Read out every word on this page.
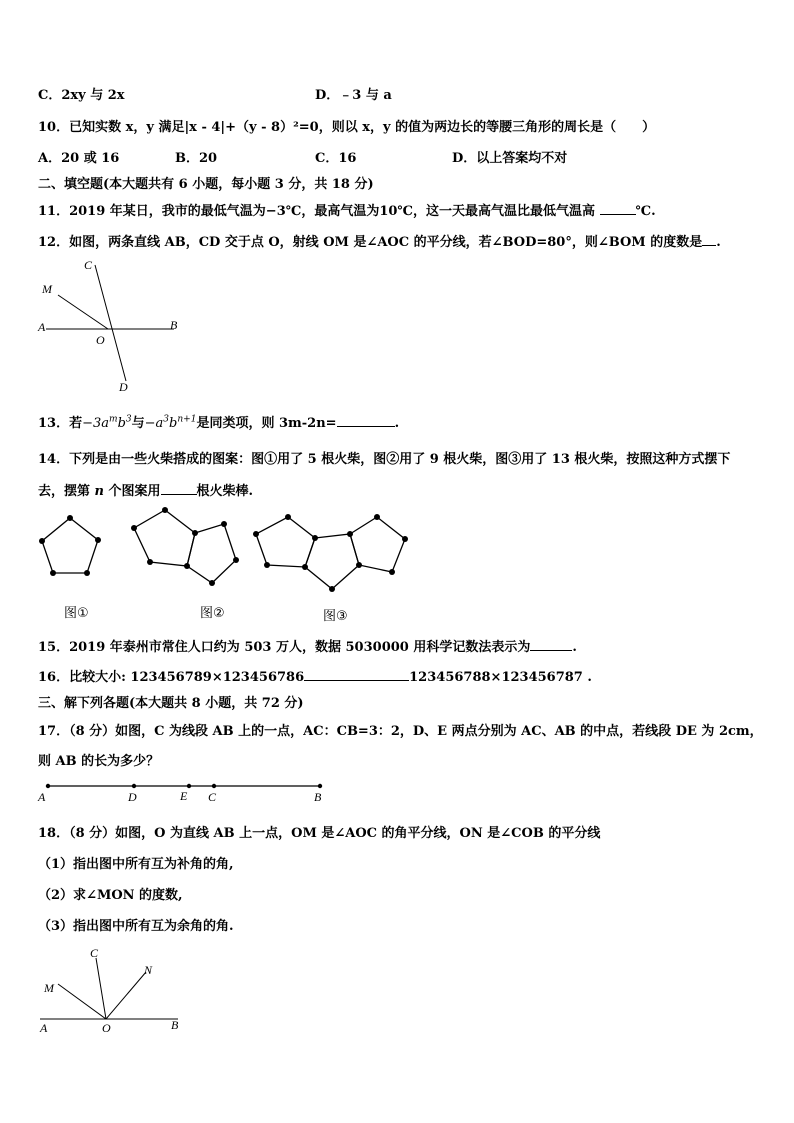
C．2xy 与 2x	D．﹣3 与 a
10．已知实数 x，y 满足|x - 4|+（y - 8）²=0，则以 x，y 的值为两边长的等腰三角形的周长是（　　）
A．20 或 16	B．20	C．16	D．以上答案均不对
二、填空题(本大题共有 6 小题，每小题 3 分，共 18 分)
11．2019 年某日，我市的最低气温为−3℃，最高气温为10℃，这一天最高气温比最低气温高	℃.
12．如图，两条直线 AB，CD 交于点 O，射线 OM 是∠AOC 的平分线，若∠BOD=80°，则∠BOM 的度数是 .
C
M
A	B
O
D
13．若$-3a^mb^3$与$-a^3b^{n+1}$是同类项，则 3m-2n=	.
14．下列是由一些火柴搭成的图案：图①用了 5 根火柴，图②用了 9 根火柴，图③用了 13 根火柴，按照这种方式摆下
去，摆第 n 个图案用	根火柴棒.
图①	图②	图③
15．2019 年泰州市常住人口约为 503 万人，数据 5030000 用科学记数法表示为	.
16．比较大小: 123456789×123456786	123456788×123456787 .
三、解下列各题(本大题共 8 小题，共 72 分)
17．（8 分）如图，C 为线段 AB 上的一点，AC：CB=3：2，D、E 两点分别为 AC、AB 的中点，若线段 DE 为 2cm，
则 AB 的长为多少？
A	D	E C	B
18．（8 分）如图，O 为直线 AB 上一点，OM 是∠AOC 的角平分线，ON 是∠COB 的平分线
（1）指出图中所有互为补角的角,
（2）求∠MON 的度数,
（3）指出图中所有互为余角的角.
C
N
M
A	O	B
